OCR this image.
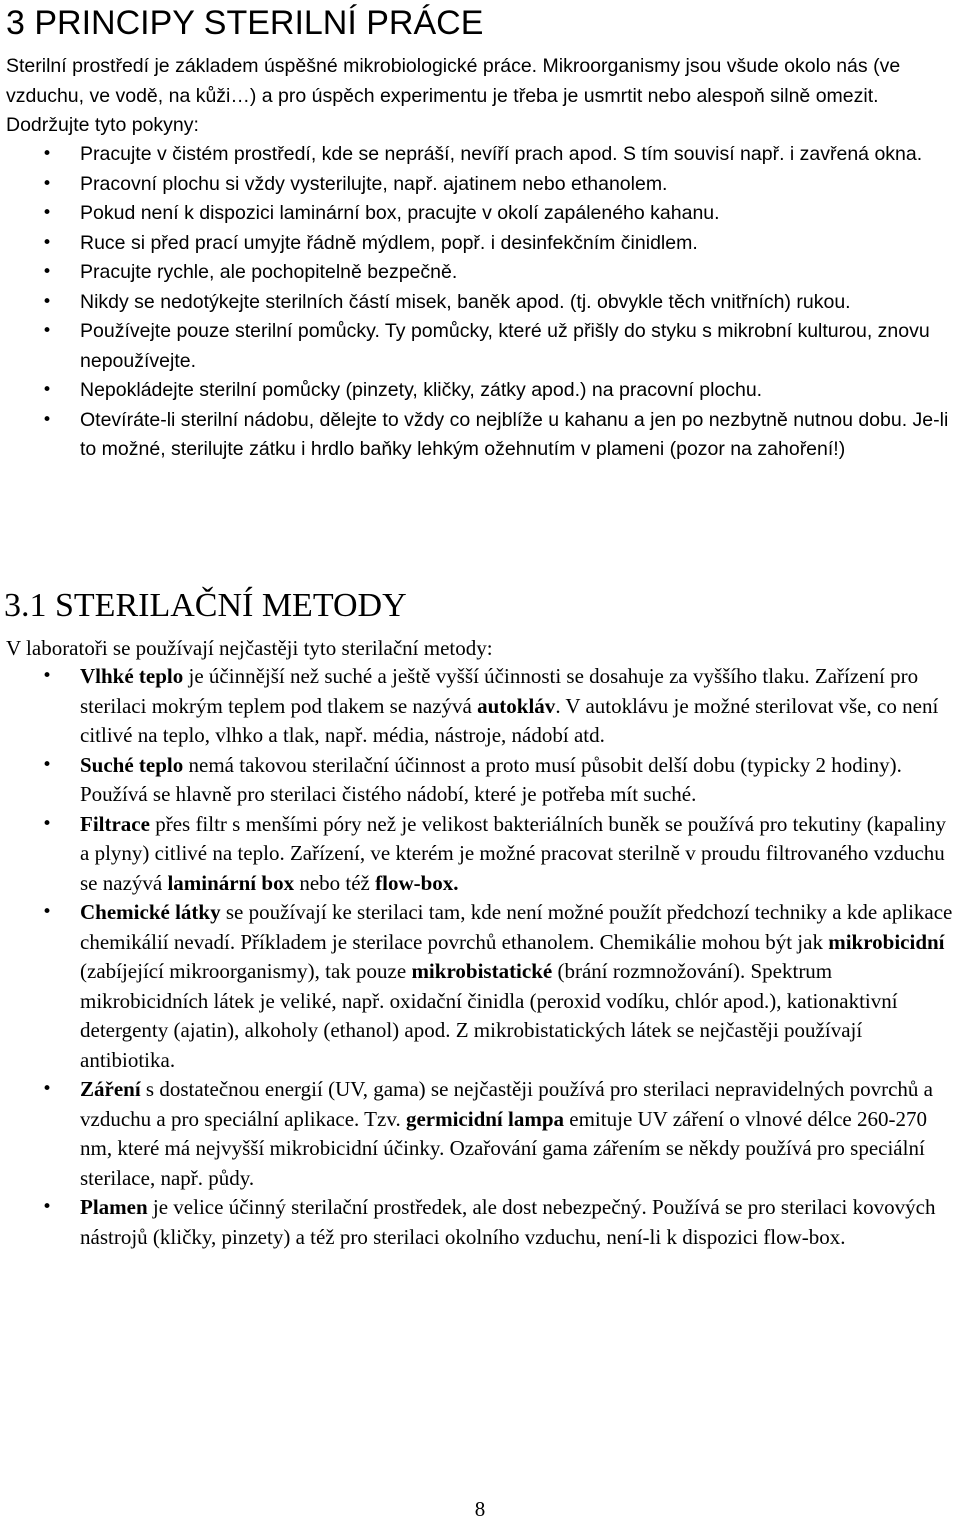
3 PRINCIPY STERILNÍ PRÁCE
Sterilní prostředí je základem úspěšné mikrobiologické práce. Mikroorganismy jsou všude okolo nás (ve vzduchu, ve vodě, na kůži…) a pro úspěch experimentu je třeba je usmrtit nebo alespoň silně omezit. Dodržujte tyto pokyny:
• Pracujte v čistém prostředí, kde se nepráší, nevíří prach apod. S tím souvisí např. i zavřená okna.
• Pracovní plochu si vždy vysterilujte, např. ajatinem nebo ethanolem.
• Pokud není k dispozici laminární box, pracujte v okolí zapáleného kahanu.
• Ruce si před prací umyjte řádně mýdlem, popř. i desinfekčním činidlem.
• Pracujte rychle, ale pochopitelně bezpečně.
• Nikdy se nedotýkejte sterilních částí misek, baněk apod. (tj. obvykle těch vnitřních) rukou.
• Používejte pouze sterilní pomůcky. Ty pomůcky, které už přišly do styku s mikrobní kulturou, znovu nepoužívejte.
• Nepokládejte sterilní pomůcky (pinzety, kličky, zátky apod.) na pracovní plochu.
• Otevíráte-li sterilní nádobu, dělejte to vždy co nejblíže u kahanu a jen po nezbytně nutnou dobu. Je-li to možné, sterilujte zátku i hrdlo baňky lehkým ožehnutím v plameni (pozor na zahoření!)
3.1 STERILAČNÍ METODY
V laboratoři se používají nejčastěji tyto sterilační metody:
• Vlhké teplo je účinnější než suché a ještě vyšší účinnosti se dosahuje za vyššího tlaku. Zařízení pro sterilaci mokrým teplem pod tlakem se nazývá autokláv. V autoklávu je možné sterilovat vše, co není citlivé na teplo, vlhko a tlak, např. média, nástroje, nádobí atd.
• Suché teplo nemá takovou sterilační účinnost a proto musí působit delší dobu (typicky 2 hodiny). Používá se hlavně pro sterilaci čistého nádobí, které je potřeba mít suché.
• Filtrace přes filtr s menšími póry než je velikost bakteriálních buněk se používá pro tekutiny (kapaliny a plyny) citlivé na teplo. Zařízení, ve kterém je možné pracovat sterilně v proudu filtrovaného vzduchu se nazývá laminární box nebo též flow-box.
• Chemické látky se používají ke sterilaci tam, kde není možné použít předchozí techniky a kde aplikace chemikálií nevadí. Příkladem je sterilace povrchů ethanolem. Chemikálie mohou být jak mikrobicidní (zabíjející mikroorganismy), tak pouze mikrobistatické (brání rozmnožování). Spektrum mikrobicidních látek je veliké, např. oxidační činidla (peroxid vodíku, chlór apod.), kationaktivní detergenty (ajatin), alkoholy (ethanol) apod. Z mikrobistatických látek se nejčastěji používají antibiotika.
• Záření s dostatečnou energií (UV, gama) se nejčastěji používá pro sterilaci nepravidelných povrchů a vzduchu a pro speciální aplikace. Tzv. germicidní lampa emituje UV záření o vlnové délce 260-270 nm, které má nejvyšší mikrobicidní účinky. Ozařování gama zářením se někdy používá pro speciální sterilace, např. půdy.
• Plamen je velice účinný sterilační prostředek, ale dost nebezpečný. Používá se pro sterilaci kovových nástrojů (kličky, pinzety) a též pro sterilaci okolního vzduchu, není-li k dispozici flow-box.
8
